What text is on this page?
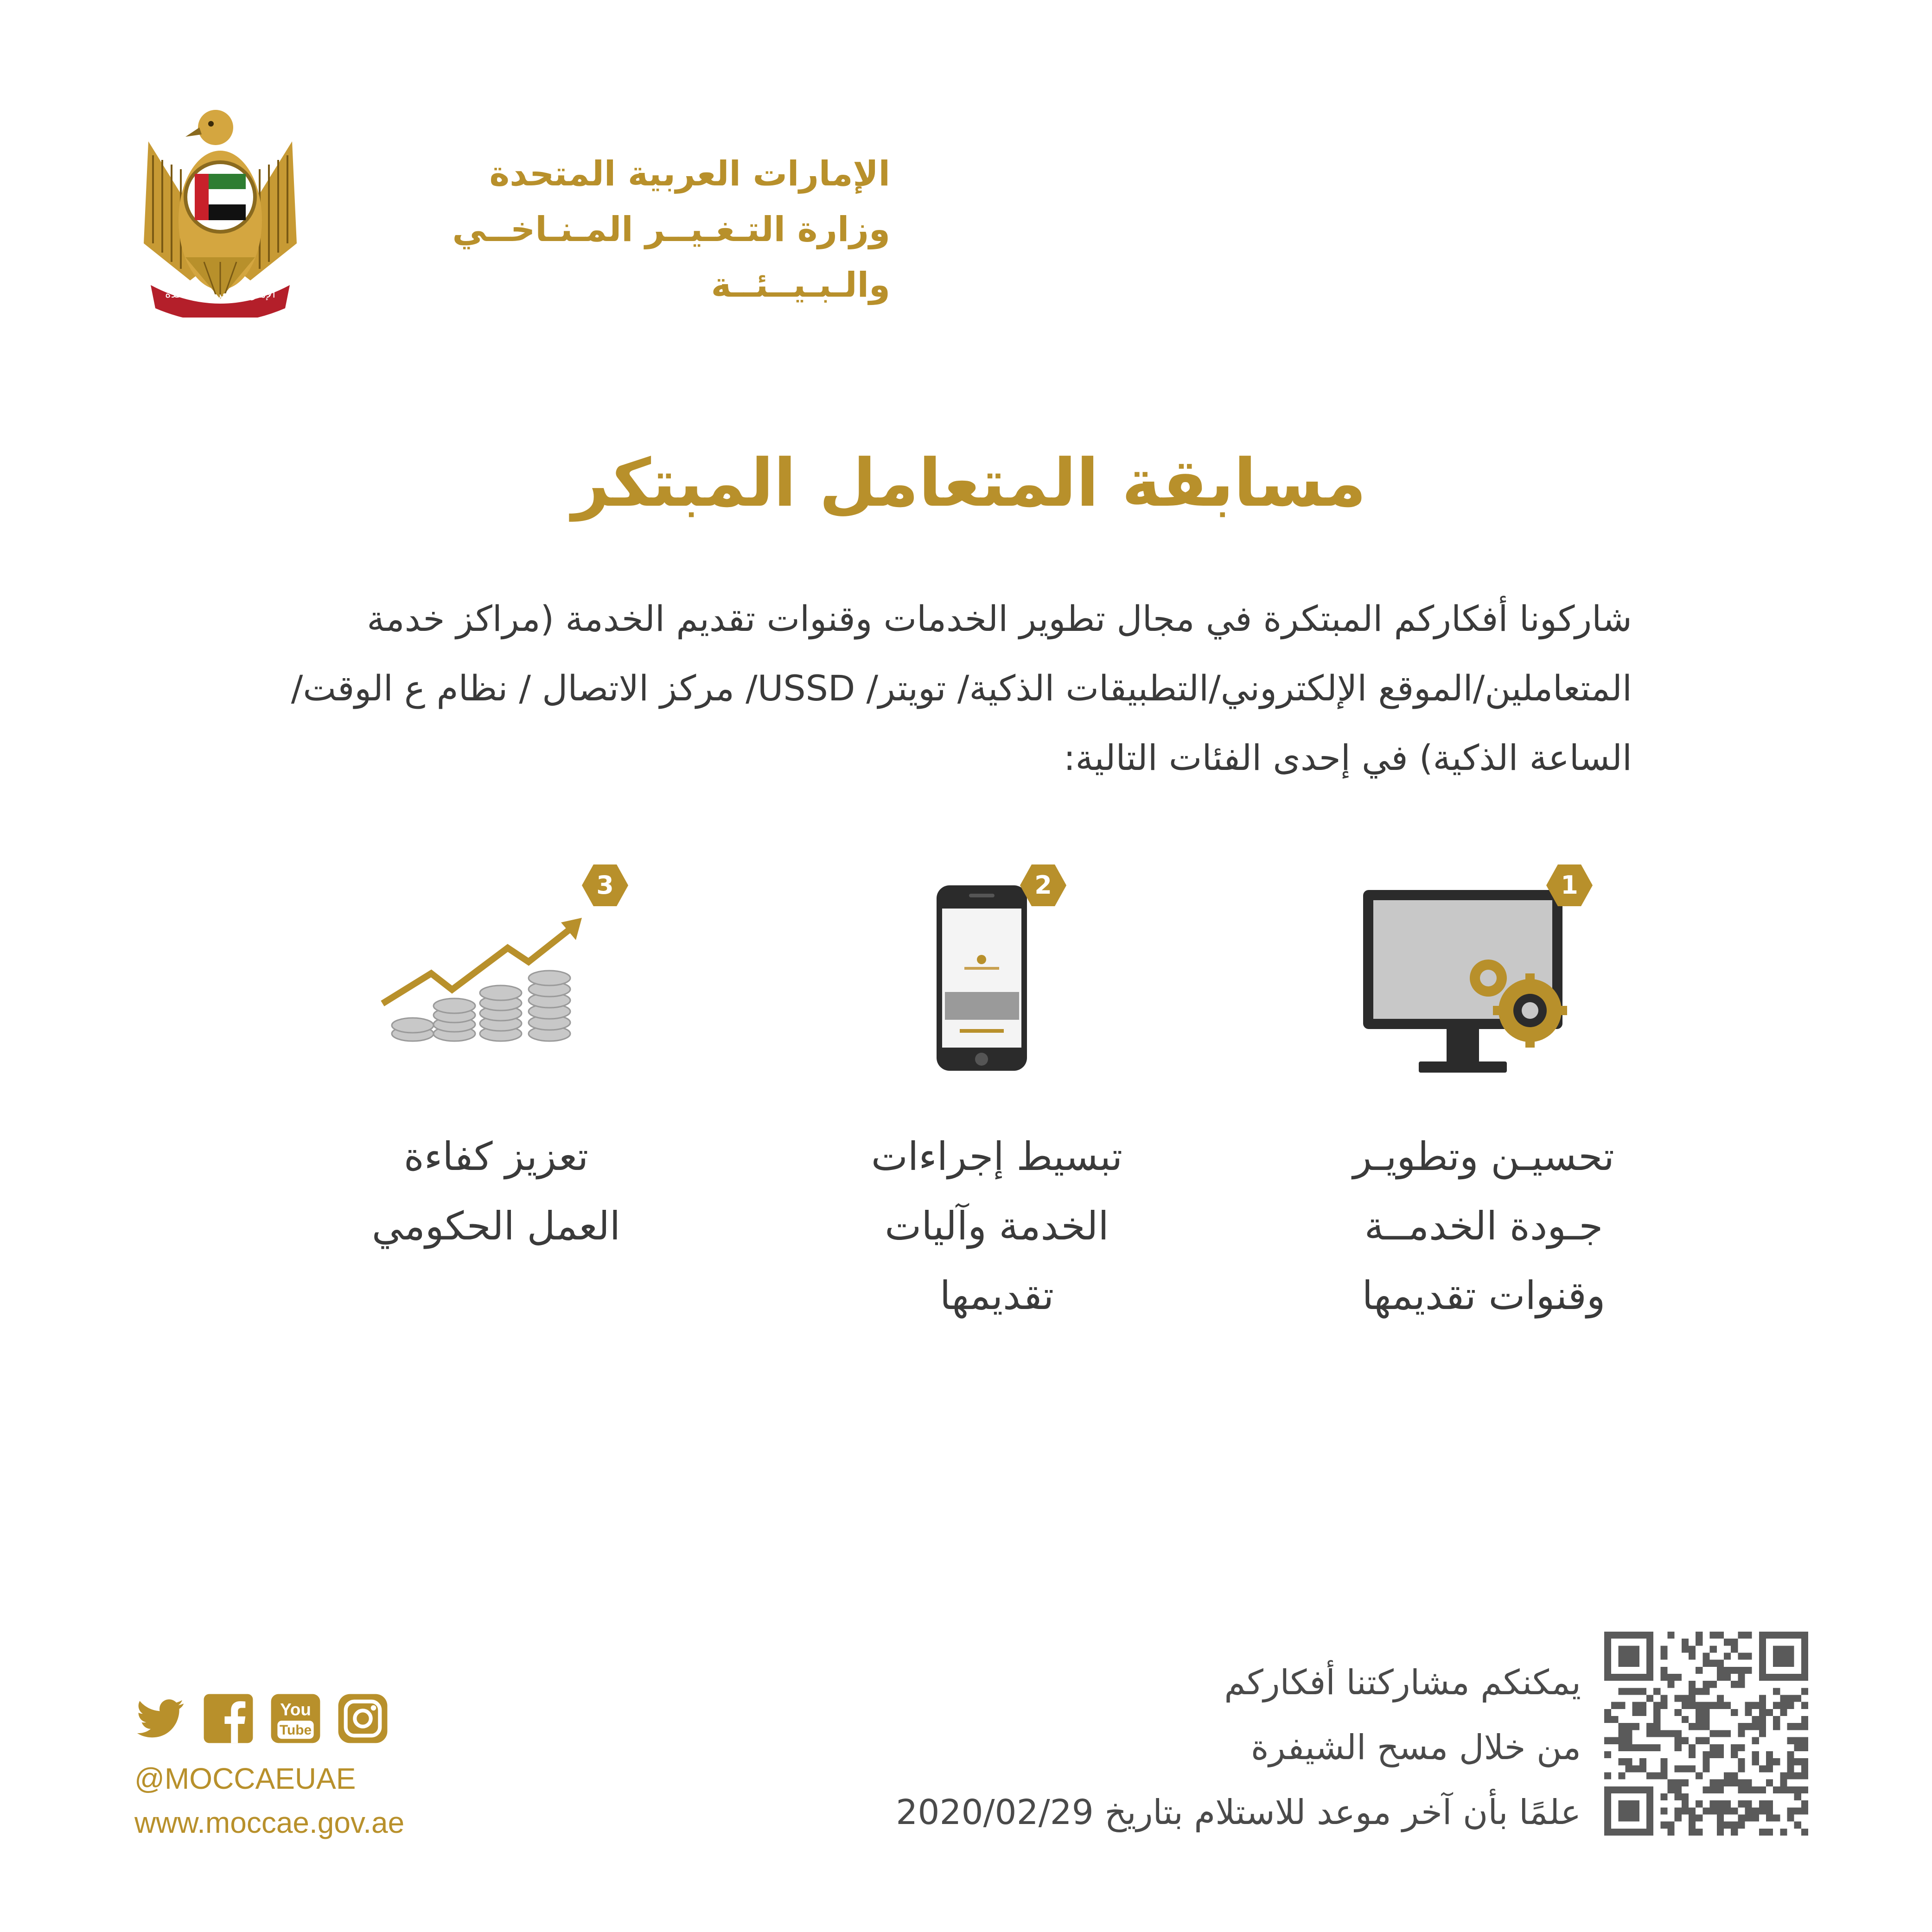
الإمارات العربية المتحدة
الإمارات العربية المتحدة
وزارة التـغـيــر المـنـاخــي
والـبـيــئــة
مسابقة المتعامل المبتكر
شاركونا أفكاركم المبتكرة في مجال تطوير الخدمات وقنوات تقديم الخدمة (مراكز خدمة المتعاملين/الموقع الإلكتروني/التطبيقات الذكية/ تويتر/ USSD/ مركز الاتصال / نظام ع الوقت/ الساعة الذكية) في إحدى الفئات التالية:
1
2
3
تحسيـن وتطويـر
جـودة الخدمــة
وقنوات تقديمها
تبسيط إجراءات
الخدمة وآليات
تقديمها
تعزيز كفاءة
العمل الحكومي
You
Tube
@MOCCAEUAE
www.moccae.gov.ae
يمكنكم مشاركتنا أفكاركم
من خلال مسح الشيفرة
علمًا بأن آخر موعد للاستلام بتاريخ 2020/02/29
